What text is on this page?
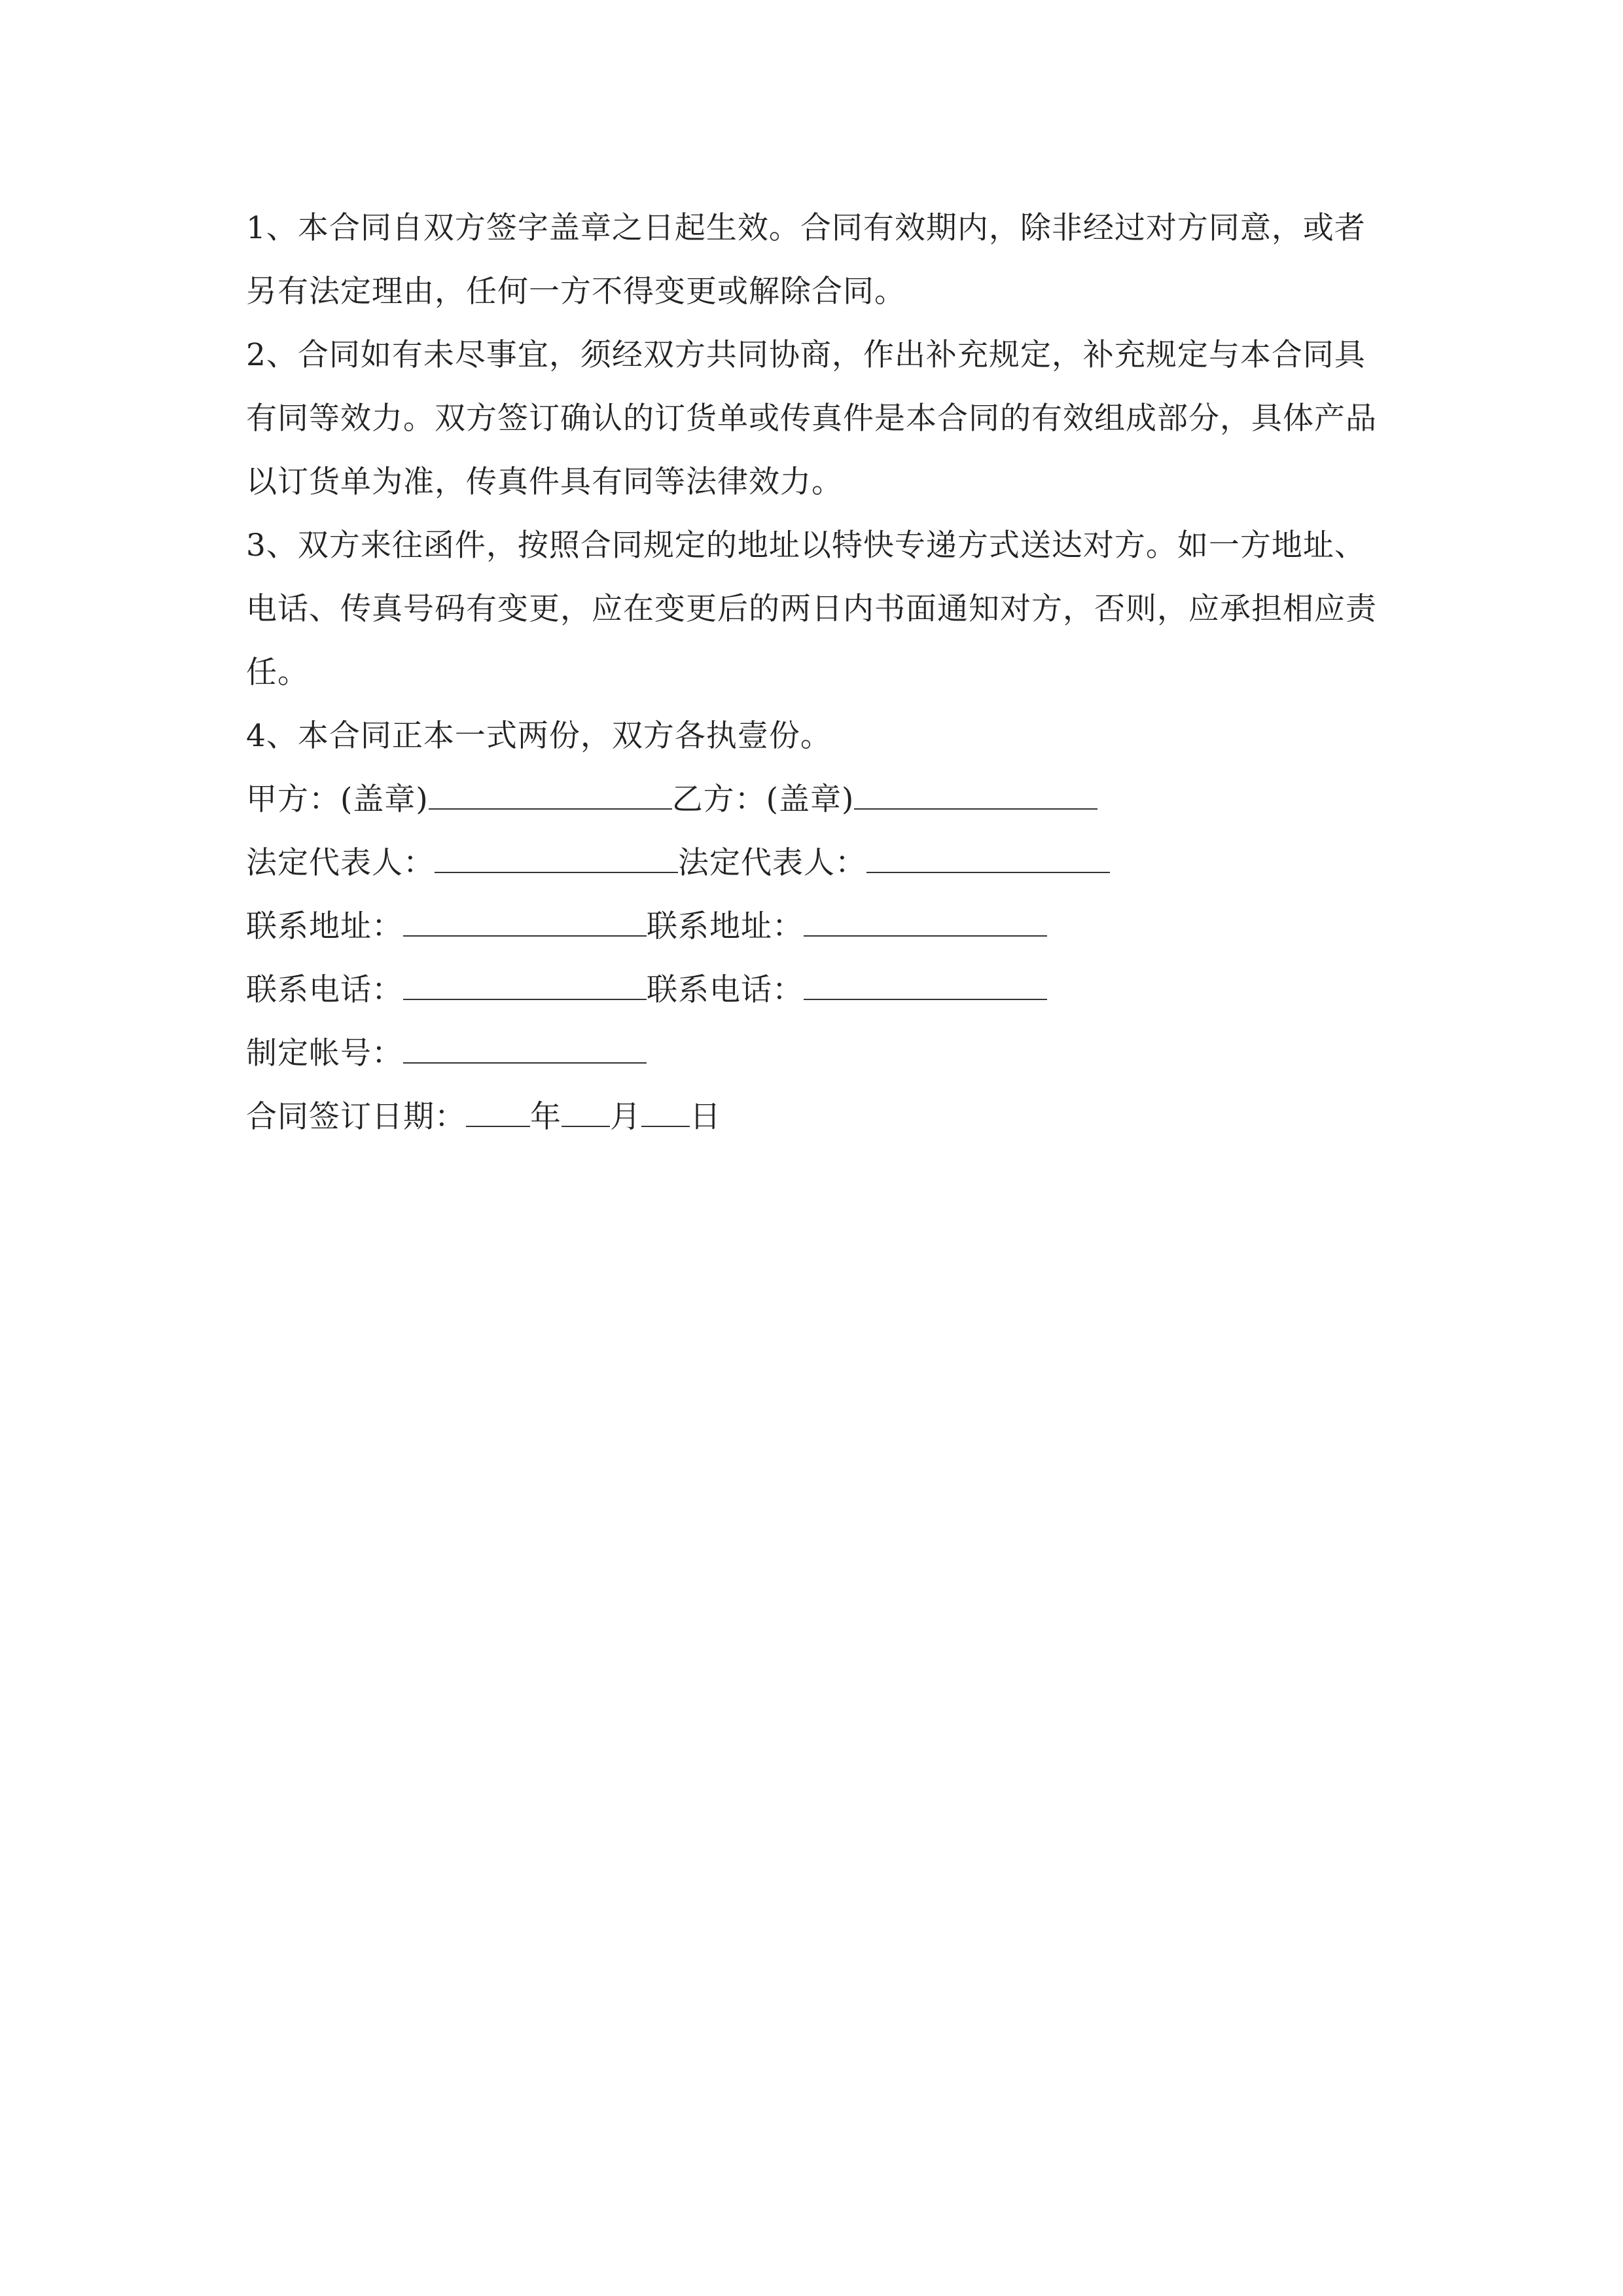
1、本合同自双方签字盖章之日起生效。合同有效期内，除非经过对方同意，或者另有法定理由，任何一方不得变更或解除合同。

2、合同如有未尽事宜，须经双方共同协商，作出补充规定，补充规定与本合同具有同等效力。双方签订确认的订货单或传真件是本合同的有效组成部分，具体产品以订货单为准，传真件具有同等法律效力。

3、双方来往函件，按照合同规定的地址以特快专递方式送达对方。如一方地址、电话、传真号码有变更，应在变更后的两日内书面通知对方，否则，应承担相应责任。

4、本合同正本一式两份，双方各执壹份。

甲方：(盖章)	乙方：(盖章)
法定代表人：	法定代表人：
联系地址：	联系地址：
联系电话：	联系电话：
制定帐号：
合同签订日期： 年 月 日
